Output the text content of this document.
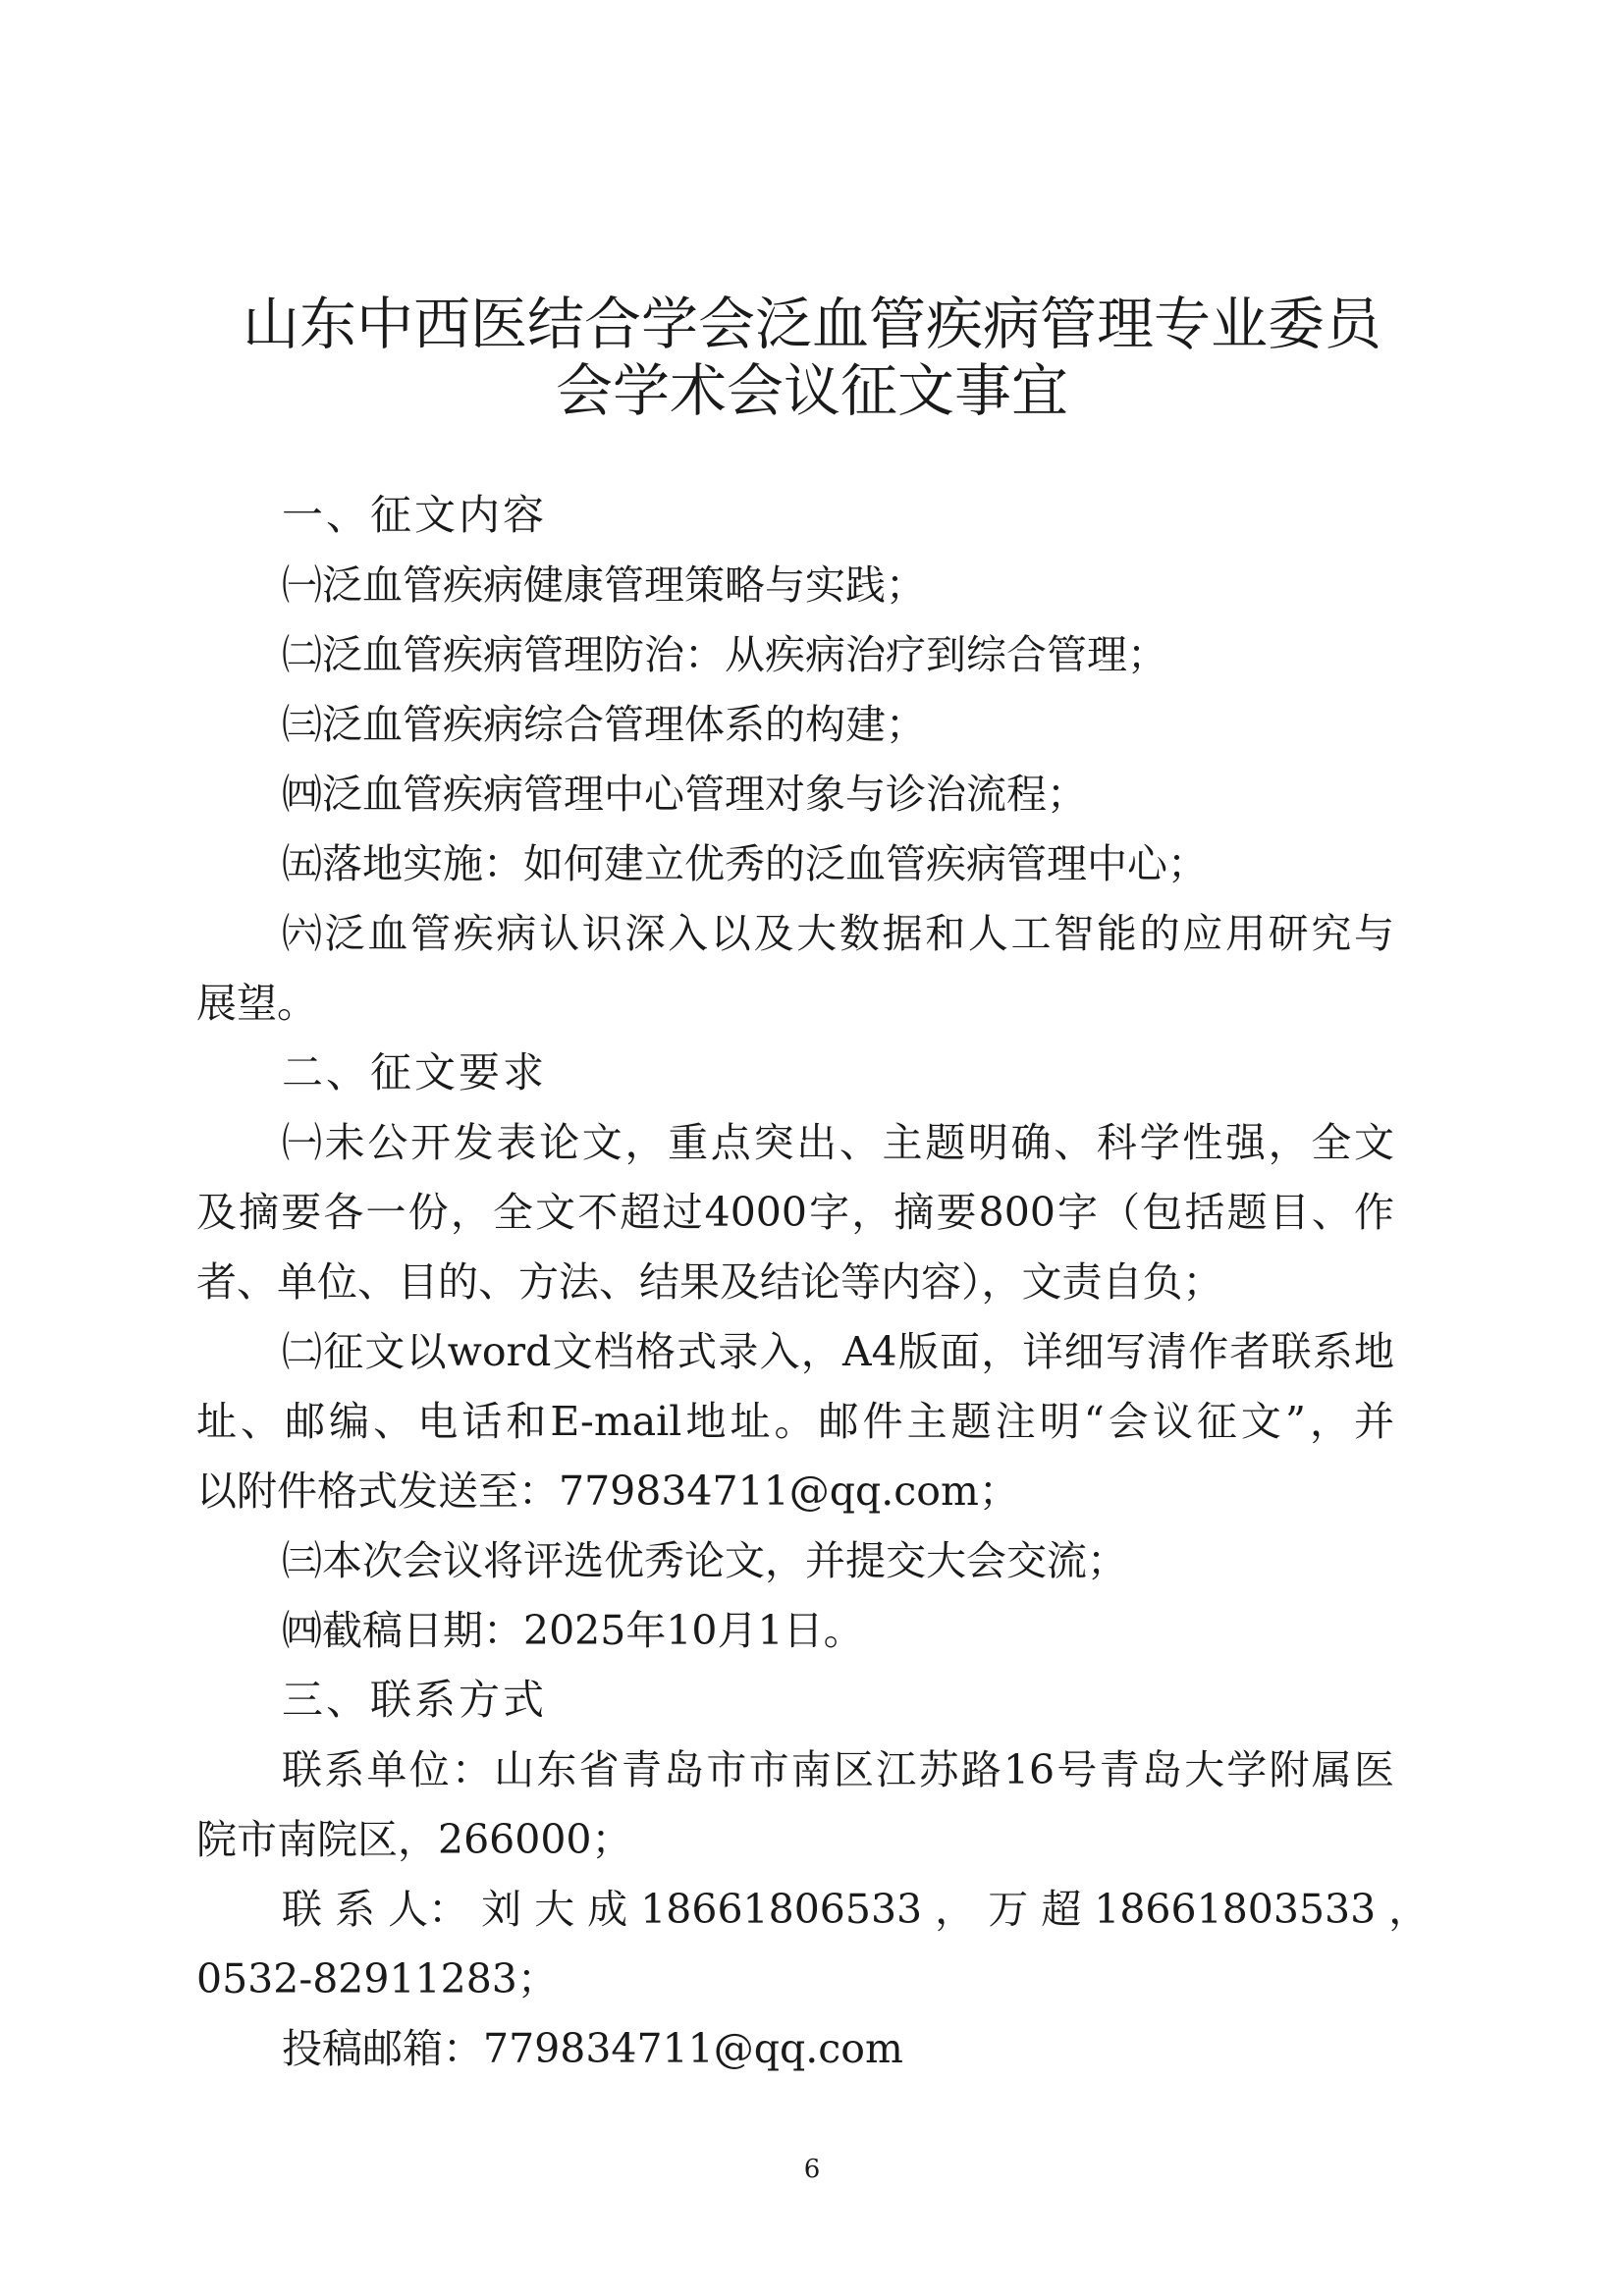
山东中西医结合学会泛血管疾病管理专业委员
会学术会议征文事宜
一、征文内容
㈠泛血管疾病健康管理策略与实践；
㈡泛血管疾病管理防治：从疾病治疗到综合管理；
㈢泛血管疾病综合管理体系的构建；
㈣泛血管疾病管理中心管理对象与诊治流程；
㈤落地实施：如何建立优秀的泛血管疾病管理中心；
㈥泛血管疾病认识深入以及大数据和人工智能的应用研究与
展望。
二、征文要求
㈠未公开发表论文，重点突出、主题明确、科学性强，全文
及摘要各一份，全文不超过4000字，摘要800字（包括题目、作
者、单位、目的、方法、结果及结论等内容），文责自负；
㈡征文以word文档格式录入，A4版面，详细写清作者联系地
址、邮编、电话和E-mail地址。邮件主题注明“会议征文”，并
以附件格式发送至：779834711@qq.com；
㈢本次会议将评选优秀论文，并提交大会交流；
㈣截稿日期：2025年10月1日。
三、联系方式
联系单位：山东省青岛市市南区江苏路16号青岛大学附属医
院市南院区，266000；
联 系 人： 刘 大 成 18661806533 ， 万 超 18661803533 ，
0532-82911283；
投稿邮箱：779834711@qq.com
6
